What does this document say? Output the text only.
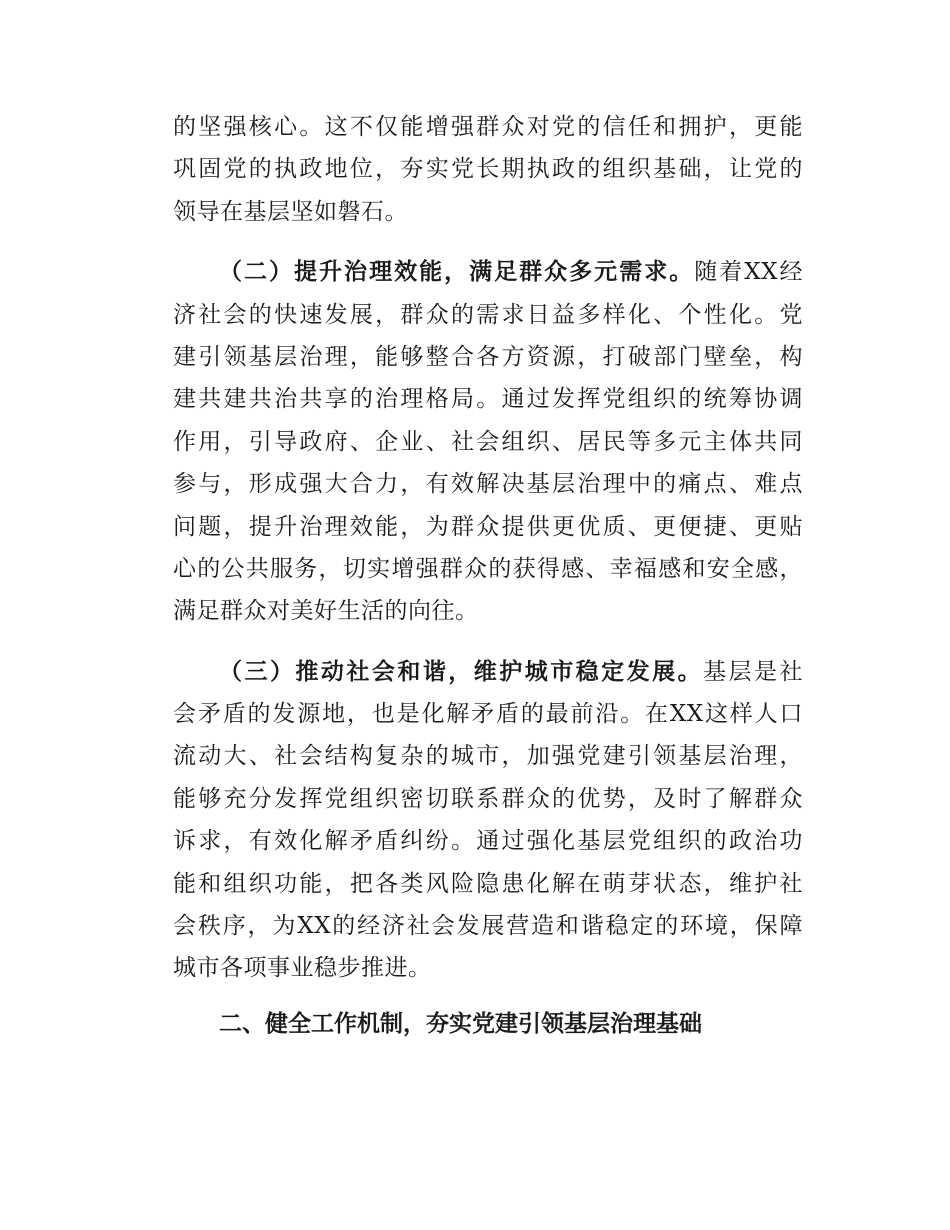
的坚强核心。这不仅能增强群众对党的信任和拥护，更能
巩固党的执政地位，夯实党长期执政的组织基础，让党的
领导在基层坚如磐石。
（二）提升治理效能，满足群众多元需求。随着XX经
济社会的快速发展，群众的需求日益多样化、个性化。党
建引领基层治理，能够整合各方资源，打破部门壁垒，构
建共建共治共享的治理格局。通过发挥党组织的统筹协调
作用，引导政府、企业、社会组织、居民等多元主体共同
参与，形成强大合力，有效解决基层治理中的痛点、难点
问题，提升治理效能，为群众提供更优质、更便捷、更贴
心的公共服务，切实增强群众的获得感、幸福感和安全感，
满足群众对美好生活的向往。
（三）推动社会和谐，维护城市稳定发展。基层是社
会矛盾的发源地，也是化解矛盾的最前沿。在XX这样人口
流动大、社会结构复杂的城市，加强党建引领基层治理，
能够充分发挥党组织密切联系群众的优势，及时了解群众
诉求，有效化解矛盾纠纷。通过强化基层党组织的政治功
能和组织功能，把各类风险隐患化解在萌芽状态，维护社
会秩序，为XX的经济社会发展营造和谐稳定的环境，保障
城市各项事业稳步推进。
二、健全工作机制，夯实党建引领基层治理基础
